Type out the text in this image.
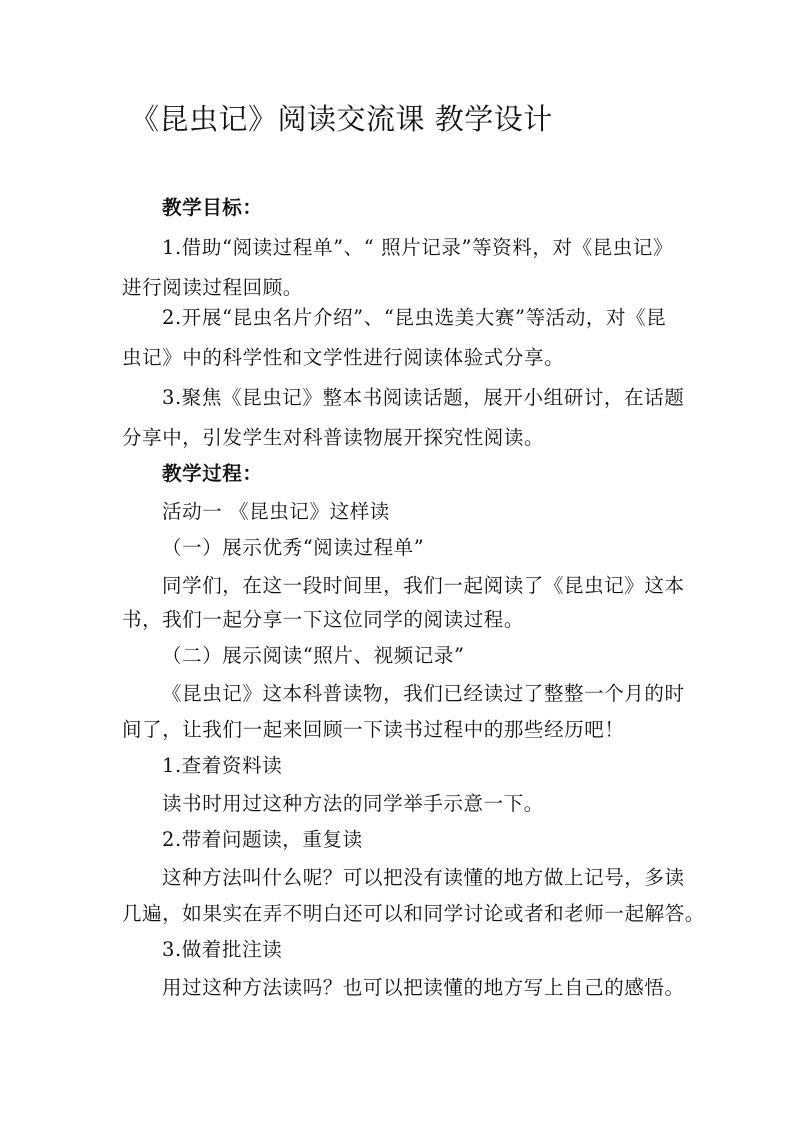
《昆虫记》阅读交流课 教学设计
教学目标：
1.借助“阅读过程单”、“ 照片记录”等资料，对《昆虫记》
进行阅读过程回顾。
2.开展“昆虫名片介绍”、“昆虫选美大赛”等活动，对《昆
虫记》中的科学性和文学性进行阅读体验式分享。
3.聚焦《昆虫记》整本书阅读话题，展开小组研讨，在话题
分享中，引发学生对科普读物展开探究性阅读。
教学过程：
活动一 《昆虫记》这样读
（一）展示优秀“阅读过程单”
同学们，在这一段时间里，我们一起阅读了《昆虫记》这本
书，我们一起分享一下这位同学的阅读过程。
（二）展示阅读“照片、视频记录”
《昆虫记》这本科普读物，我们已经读过了整整一个月的时
间了，让我们一起来回顾一下读书过程中的那些经历吧！
1.查着资料读
读书时用过这种方法的同学举手示意一下。
2.带着问题读，重复读
这种方法叫什么呢？可以把没有读懂的地方做上记号，多读
几遍，如果实在弄不明白还可以和同学讨论或者和老师一起解答。
3.做着批注读
用过这种方法读吗？也可以把读懂的地方写上自己的感悟。
